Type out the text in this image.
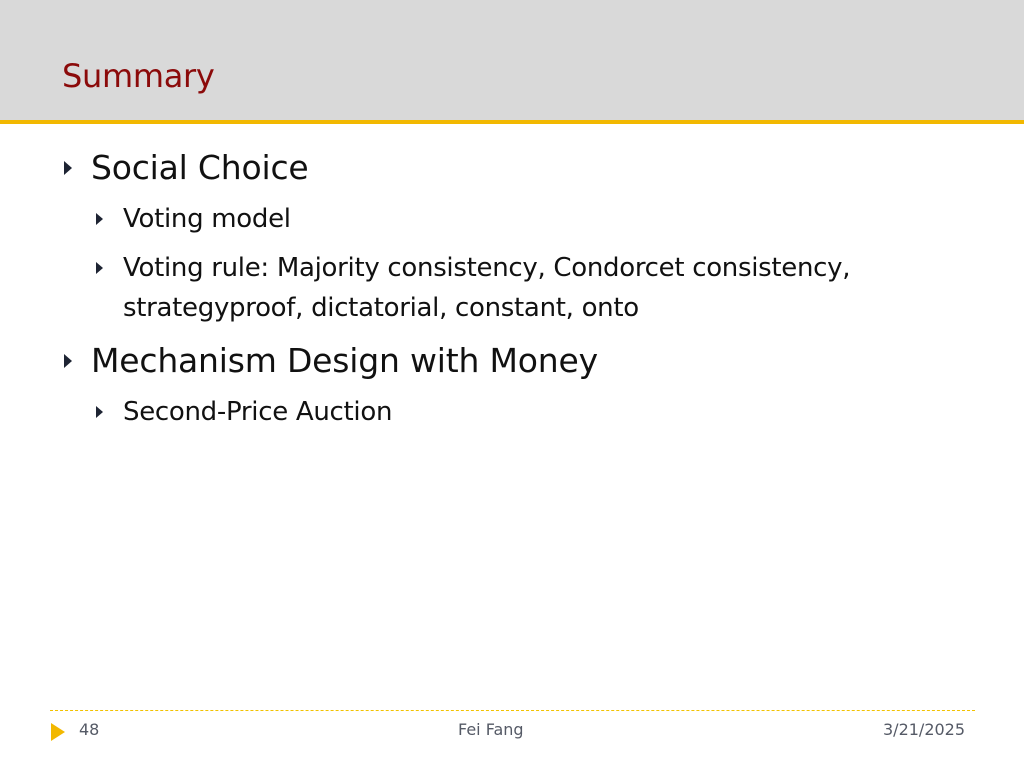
Summary
Social Choice
Voting model
Voting rule: Majority consistency, Condorcet consistency,
strategyproof, dictatorial, constant, onto
Mechanism Design with Money
Second-Price Auction
48	Fei Fang	3/21/2025
